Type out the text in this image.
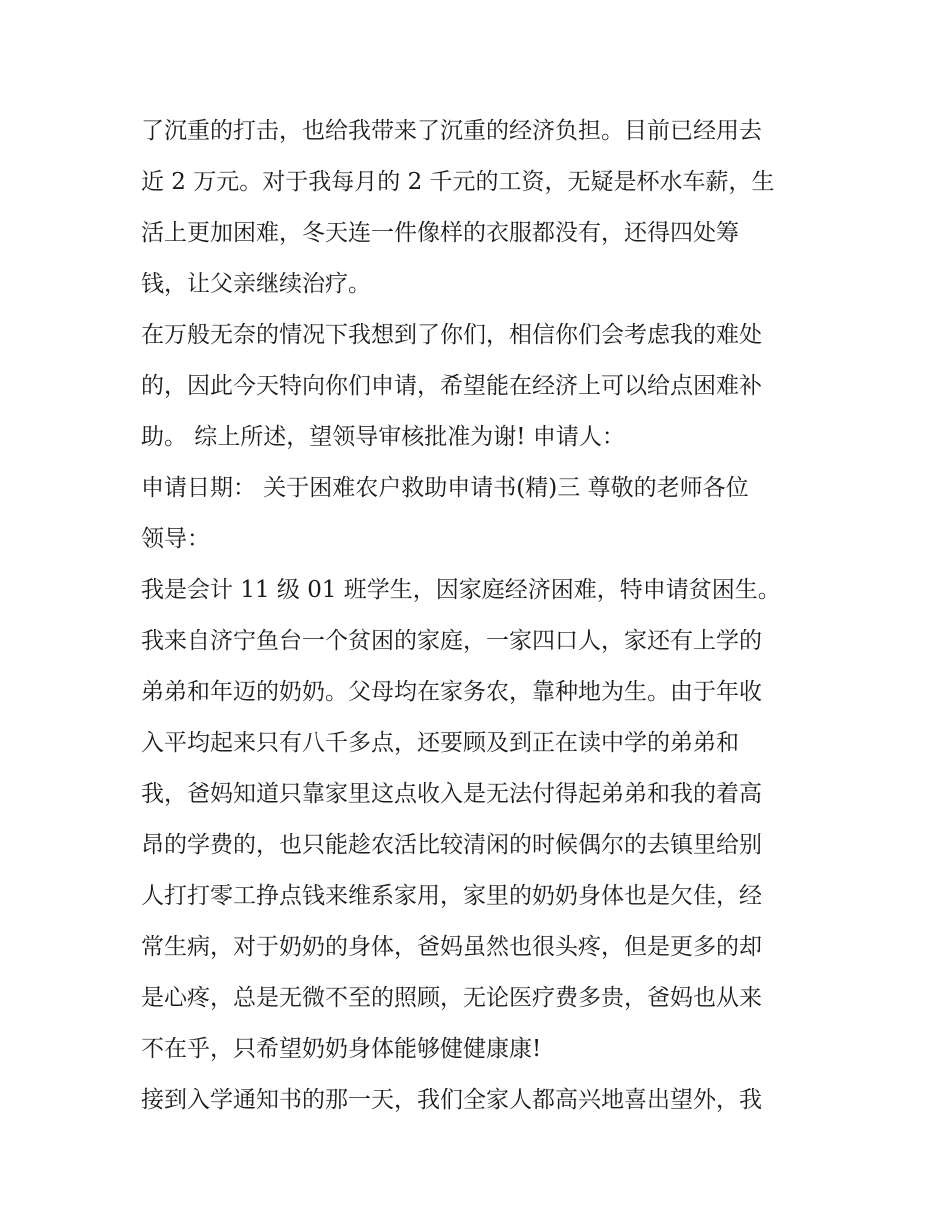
了沉重的打击，也给我带来了沉重的经济负担。目前已经用去
近 2 万元。对于我每月的 2 千元的工资，无疑是杯水车薪，生
活上更加困难，冬天连一件像样的衣服都没有，还得四处筹
钱，让父亲继续治疗。
在万般无奈的情况下我想到了你们，相信你们会考虑我的难处
的，因此今天特向你们申请，希望能在经济上可以给点困难补
助。 综上所述，望领导审核批准为谢! 申请人：
申请日期： 关于困难农户救助申请书(精)三 尊敬的老师各位
领导：
我是会计 11 级 01 班学生，因家庭经济困难，特申请贫困生。
我来自济宁鱼台一个贫困的家庭，一家四口人，家还有上学的
弟弟和年迈的奶奶。父母均在家务农，靠种地为生。由于年收
入平均起来只有八千多点，还要顾及到正在读中学的弟弟和
我，爸妈知道只靠家里这点收入是无法付得起弟弟和我的着高
昂的学费的，也只能趁农活比较清闲的时候偶尔的去镇里给别
人打打零工挣点钱来维系家用，家里的奶奶身体也是欠佳，经
常生病，对于奶奶的身体，爸妈虽然也很头疼，但是更多的却
是心疼，总是无微不至的照顾，无论医疗费多贵，爸妈也从来
不在乎，只希望奶奶身体能够健健康康!
接到入学通知书的那一天，我们全家人都高兴地喜出望外，我
